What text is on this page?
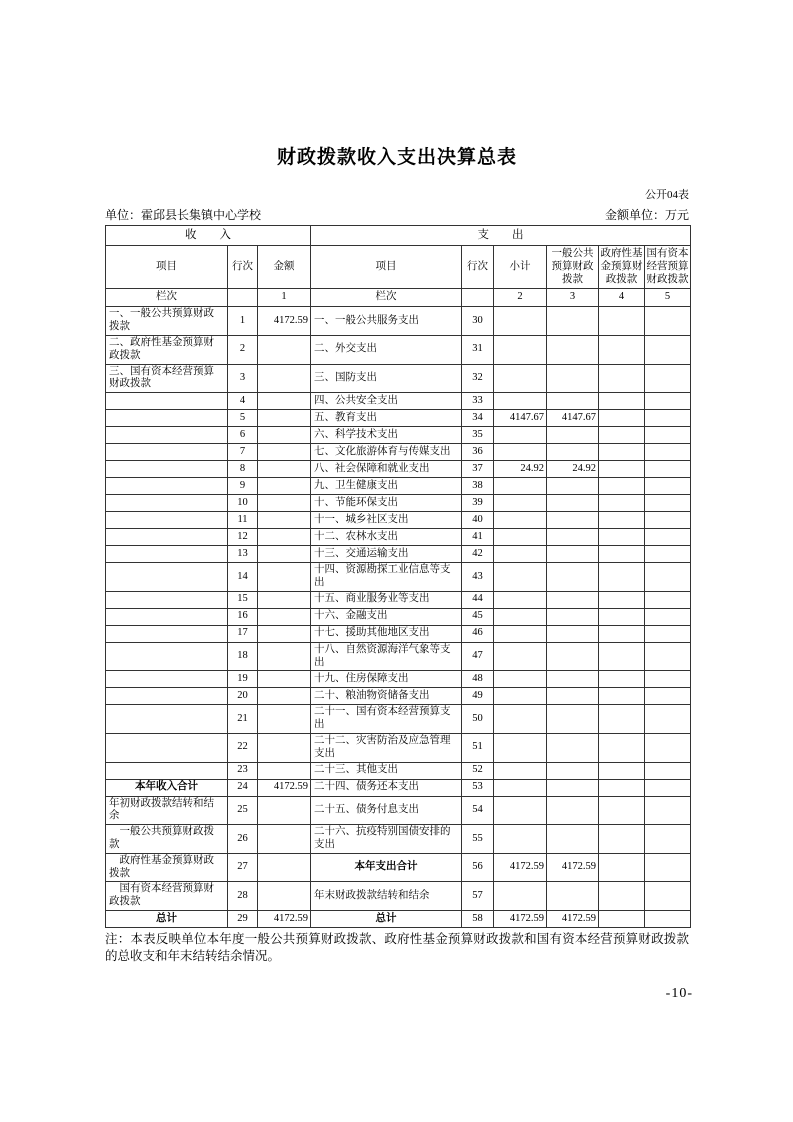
财政拨款收入支出决算总表
公开04表
单位：霍邱县长集镇中心学校	金额单位：万元
收　　入			支　　出					
项目	行次	金额	项目	行次	小计	一般公共预算财政拨款	政府性基金预算财政拨款	国有资本经营预算财政拨款
栏次		1	栏次		2	3	4	5
一、一般公共预算财政拨款	1	4172.59	一、一般公共服务支出	30				
二、政府性基金预算财政拨款	2		二、外交支出	31				
三、国有资本经营预算财政拨款	3		三、国防支出	32				
	4		四、公共安全支出	33				
	5		五、教育支出	34	4147.67	4147.67		
	6		六、科学技术支出	35				
	7		七、文化旅游体育与传媒支出	36				
	8		八、社会保障和就业支出	37	24.92	24.92		
	9		九、卫生健康支出	38				
	10		十、节能环保支出	39				
	11		十一、城乡社区支出	40				
	12		十二、农林水支出	41				
	13		十三、交通运输支出	42				
	14		十四、资源勘探工业信息等支出	43				
	15		十五、商业服务业等支出	44				
	16		十六、金融支出	45				
	17		十七、援助其他地区支出	46				
	18		十八、自然资源海洋气象等支出	47				
	19		十九、住房保障支出	48				
	20		二十、粮油物资储备支出	49				
	21		二十一、国有资本经营预算支出	50				
	22		二十二、灾害防治及应急管理支出	51				
	23		二十三、其他支出	52				
本年收入合计	24	4172.59	二十四、债务还本支出	53				
年初财政拨款结转和结余	25		二十五、债务付息支出	54				
　一般公共预算财政拨款	26		二十六、抗疫特别国债安排的支出	55				
　政府性基金预算财政拨款	27		本年支出合计	56	4172.59	4172.59		
　国有资本经营预算财政拨款	28		年末财政拨款结转和结余	57				
总计	29	4172.59	总计	58	4172.59	4172.59		

注：本表反映单位本年度一般公共预算财政拨款、政府性基金预算财政拨款和国有资本经营预算财政拨款的总收支和年末结转结余情况。

-10-
